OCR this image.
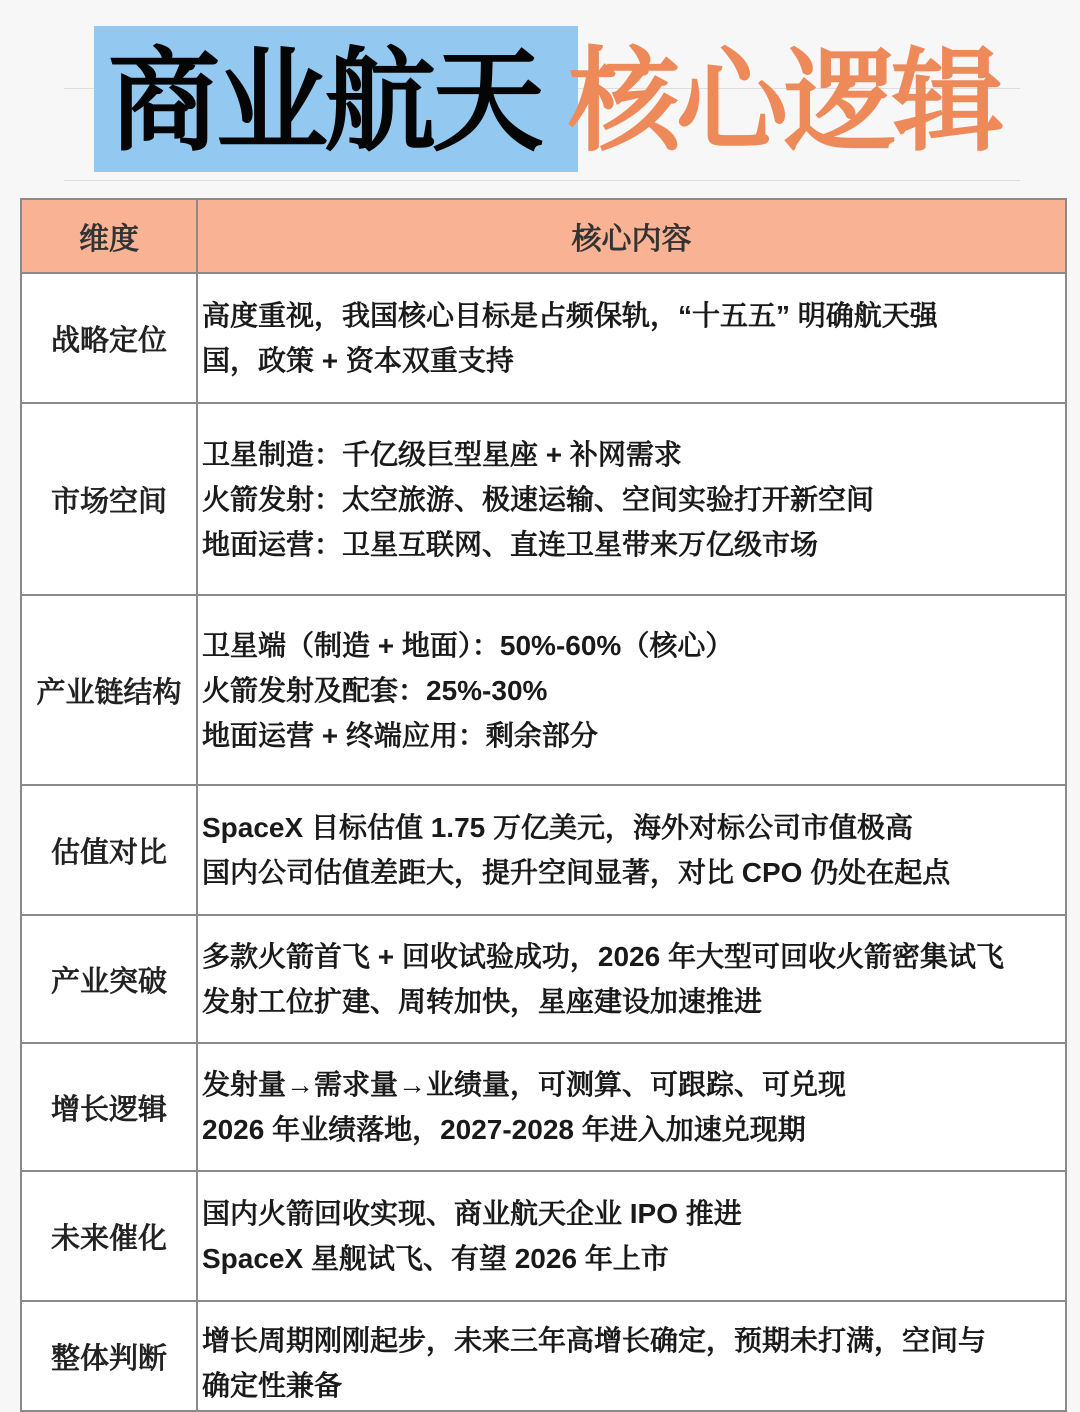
商业航天 核心逻辑
维度	核心内容
战略定位	高度重视，我国核心目标是占频保轨，“十五五” 明确航天强
国，政策 + 资本双重支持

市场空间	卫星制造：千亿级巨型星座 + 补网需求
火箭发射：太空旅游、极速运输、空间实验打开新空间
地面运营：卫星互联网、直连卫星带来万亿级市场

产业链结构	卫星端（制造 + 地面）：50%-60%（核心）
火箭发射及配套：25%-30%
地面运营 + 终端应用：剩余部分

估值对比	SpaceX 目标估值 1.75 万亿美元，海外对标公司市值极高
国内公司估值差距大，提升空间显著，对比 CPO 仍处在起点

产业突破	多款火箭首飞 + 回收试验成功，2026 年大型可回收火箭密集试飞
发射工位扩建、周转加快，星座建设加速推进

增长逻辑	发射量→需求量→业绩量，可测算、可跟踪、可兑现
2026 年业绩落地，2027-2028 年进入加速兑现期

未来催化	国内火箭回收实现、商业航天企业 IPO 推进
SpaceX 星舰试飞、有望 2026 年上市

整体判断	增长周期刚刚起步，未来三年高增长确定，预期未打满，空间与
确定性兼备
